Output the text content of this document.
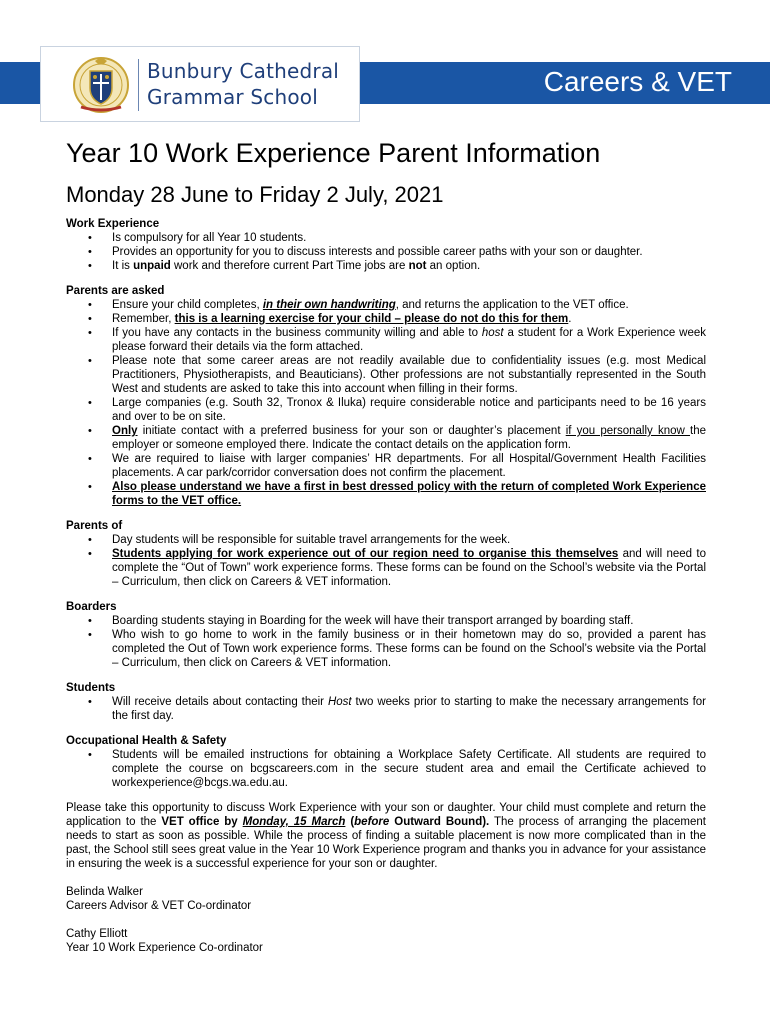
Careers & VET
Bunbury Cathedral
Grammar School
Year 10 Work Experience Parent Information
Monday 28 June to Friday 2 July, 2021
Work Experience
• Is compulsory for all Year 10 students.
• Provides an opportunity for you to discuss interests and possible career paths with your son or daughter.
• It is unpaid work and therefore current Part Time jobs are not an option.
Parents are asked
• Ensure your child completes, in their own handwriting, and returns the application to the VET office.
• Remember, this is a learning exercise for your child – please do not do this for them.
• If you have any contacts in the business community willing and able to host a student for a Work Experience week please forward their details via the form attached.
• Please note that some career areas are not readily available due to confidentiality issues (e.g. most Medical Practitioners, Physiotherapists, and Beauticians). Other professions are not substantially represented in the South West and students are asked to take this into account when filling in their forms.
• Large companies (e.g. South 32, Tronox & Iluka) require considerable notice and participants need to be 16 years and over to be on site.
• Only initiate contact with a preferred business for your son or daughter’s placement if you personally know the employer or someone employed there. Indicate the contact details on the application form.
• We are required to liaise with larger companies’ HR departments. For all Hospital/Government Health Facilities placements. A car park/corridor conversation does not confirm the placement.
• Also please understand we have a first in best dressed policy with the return of completed Work Experience forms to the VET office.
Parents of
• Day students will be responsible for suitable travel arrangements for the week.
• Students applying for work experience out of our region need to organise this themselves and will need to complete the “Out of Town” work experience forms. These forms can be found on the School’s website via the Portal – Curriculum, then click on Careers & VET information.
Boarders
• Boarding students staying in Boarding for the week will have their transport arranged by boarding staff.
• Who wish to go home to work in the family business or in their hometown may do so, provided a parent has completed the Out of Town work experience forms. These forms can be found on the School’s website via the Portal – Curriculum, then click on Careers & VET information.
Students
• Will receive details about contacting their Host two weeks prior to starting to make the necessary arrangements for the first day.
Occupational Health & Safety
• Students will be emailed instructions for obtaining a Workplace Safety Certificate. All students are required to complete the course on bcgscareers.com in the secure student area and email the Certificate achieved to workexperience@bcgs.wa.edu.au.
Please take this opportunity to discuss Work Experience with your son or daughter. Your child must complete and return the application to the VET office by Monday, 15 March (before Outward Bound). The process of arranging the placement needs to start as soon as possible. While the process of finding a suitable placement is now more complicated than in the past, the School still sees great value in the Year 10 Work Experience program and thanks you in advance for your assistance in ensuring the week is a successful experience for your son or daughter.
Belinda Walker
Careers Advisor & VET Co-ordinator
Cathy Elliott
Year 10 Work Experience Co-ordinator
